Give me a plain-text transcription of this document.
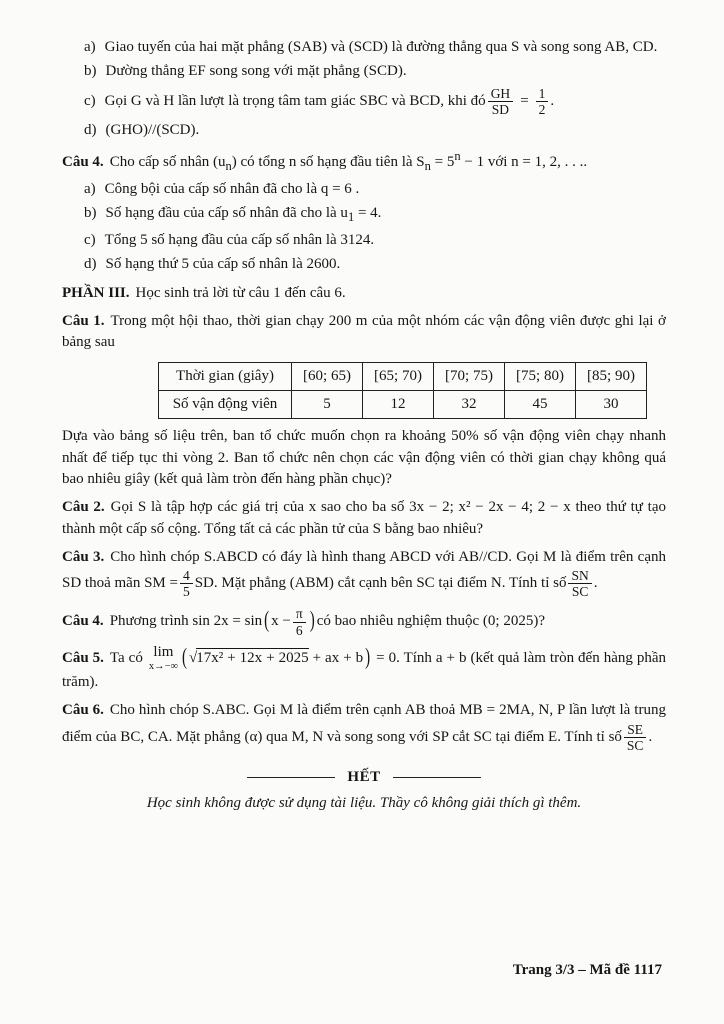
a) Giao tuyến của hai mặt phẳng (SAB) và (SCD) là đường thẳng qua S và song song AB, CD.

b) Dường thẳng EF song song với mặt phẳng (SCD).

c) Gọi G và H lần lượt là trọng tâm tam giác SBC và BCD, khi đó $\frac{GH}{SD} = \frac{1}{2}$ .

d) (GHO)//(SCD).

Câu 4. Cho cấp số nhân $(u_n)$ có tổng n số hạng đầu tiên là $S_n = 5^n - 1$ với n = 1, 2, . . ..

a) Công bội của cấp số nhân đã cho là q = 6 .

b) Số hạng đầu của cấp số nhân đã cho là $u_1 = 4$.

c) Tổng 5 số hạng đầu của cấp số nhân là 3124.

d) Số hạng thứ 5 của cấp số nhân là 2600.

PHẦN III. Học sinh trả lời từ câu 1 đến câu 6.

Câu 1. Trong một hội thao, thời gian chạy 200 m của một nhóm các vận động viên được ghi lại ở bảng sau

Thời gian (giây)	[60; 65)	[65; 70)	[70; 75)	[75; 80)	[85; 90)
Số vận động viên	5	12	32	45	30

Dựa vào bảng số liệu trên, ban tổ chức muốn chọn ra khoảng 50% số vận động viên chạy nhanh nhất để tiếp tục thi vòng 2. Ban tổ chức nên chọn các vận động viên có thời gian chạy không quá bao nhiêu giây (kết quả làm tròn đến hàng phần chục)?

Câu 2. Gọi S là tập hợp các giá trị của x sao cho ba số 3x − 2; x² − 2x − 4; 2 − x theo thứ tự tạo thành một cấp số cộng. Tổng tất cả các phần tử của S bằng bao nhiêu?

Câu 3. Cho hình chóp S.ABCD có đáy là hình thang ABCD với AB//CD. Gọi M là điểm trên cạnh SD thoả mãn SM = $\frac{4}{5}$ SD. Mặt phẳng (ABM) cắt cạnh bên SC tại điểm N. Tính tỉ số $\frac{SN}{SC}$ .

Câu 4. Phương trình sin 2x = sin ( $x - \frac{\pi}{6}$ ) có bao nhiêu nghiệm thuộc (0; 2025)?

Câu 5. Ta có lim
x→−∞ ( √17x² + 12x + 2025 + ax + b ) = 0. Tính a + b (kết quả làm tròn đến hàng phần trăm).

Câu 6. Cho hình chóp S.ABC. Gọi M là điểm trên cạnh AB thoả MB = 2MA, N, P lần lượt là trung điểm của BC, CA. Mặt phẳng (α) qua M, N và song song với SP cắt SC tại điểm E. Tính tỉ số $\frac{SE}{SC}$ .

HẾT

Học sinh không được sử dụng tài liệu. Thầy cô không giải thích gì thêm.

Trang 3/3 – Mã đề 1117
